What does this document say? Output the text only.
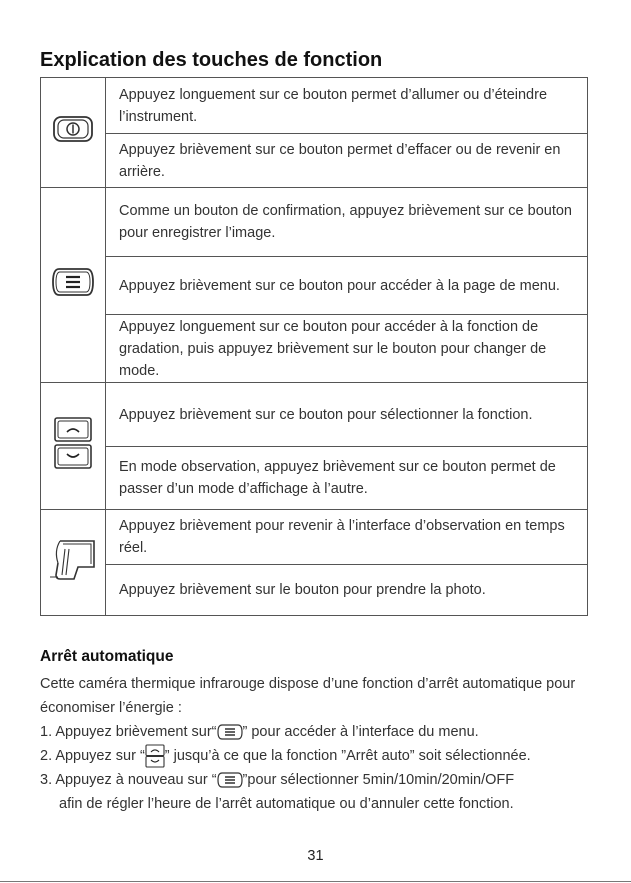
Explication des touches de fonction
	Appuyez longuement sur ce bouton permet d’allumer ou d’éteindre l’instrument.
	Appuyez brièvement sur ce bouton permet d’effacer ou de revenir en arrière.
	Comme un bouton de confirmation, appuyez brièvement sur ce bouton pour enregistrer l’image.
	Appuyez brièvement sur ce bouton pour accéder à la page de menu.
	Appuyez longuement sur ce bouton pour accéder à la fonction de gradation, puis appuyez brièvement sur le bouton pour changer de mode.
	Appuyez brièvement sur ce bouton pour sélectionner la fonction.
	En mode observation, appuyez brièvement sur ce bouton permet de passer d’un mode d’affichage à l’autre.
	Appuyez brièvement pour revenir à l’interface d’observation en temps réel.
	Appuyez brièvement sur le bouton pour prendre la photo.
Arrêt automatique

Cette caméra thermique infrarouge dispose d’une fonction d’arrêt automatique pour économiser l’énergie :

1. Appuyez brièvement sur“ ” pour accéder à l’interface du menu.

2. Appuyez sur “ ” jusqu’à ce que la fonction ”Arrêt auto” soit sélectionnée.

3. Appuyez à nouveau sur “ ”pour sélectionner 5min/10min/20min/OFF

afin de régler l’heure de l’arrêt automatique ou d’annuler cette fonction.

31
